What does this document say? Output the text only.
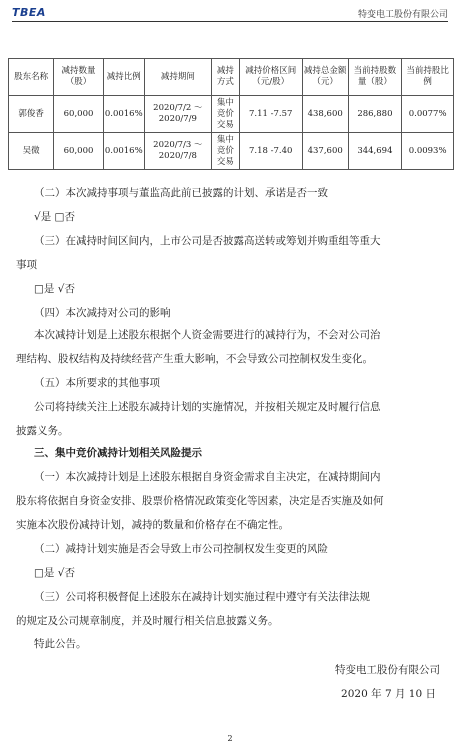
TBEA	特变电工股份有限公司
股东名称	减持数量（股）	减持比例	减持期间	减持方式	减持价格区间（元/股）	减持总金额（元）	当前持股数量（股）	当前持股比例
郭俊香	60,000	0.0016%	2020/7/2 ～ 2020/7/9	集中竞价交易	7.11 -7.57	438,600	286,880	0.0077%
吴微	60,000	0.0016%	2020/7/3 ～ 2020/7/8	集中竞价交易	7.18 -7.40	437,600	344,694	0.0093%
（二）本次减持事项与董监高此前已披露的计划、承诺是否一致
√是 □否
（三）在减持时间区间内，上市公司是否披露高送转或筹划并购重组等重大
事项
□是 √否
（四）本次减持对公司的影响
本次减持计划是上述股东根据个人资金需要进行的减持行为，不会对公司治
理结构、股权结构及持续经营产生重大影响，不会导致公司控制权发生变化。
（五）本所要求的其他事项
公司将持续关注上述股东减持计划的实施情况，并按相关规定及时履行信息
披露义务。
三、集中竞价减持计划相关风险提示
（一）本次减持计划是上述股东根据自身资金需求自主决定，在减持期间内
股东将依据自身资金安排、股票价格情况政策变化等因素，决定是否实施及如何
实施本次股份减持计划，减持的数量和价格存在不确定性。
（二）减持计划实施是否会导致上市公司控制权发生变更的风险
□是 √否
（三）公司将积极督促上述股东在减持计划实施过程中遵守有关法律法规
的规定及公司规章制度，并及时履行相关信息披露义务。
特此公告。
特变电工股份有限公司
2020 年 7 月 10 日
2
